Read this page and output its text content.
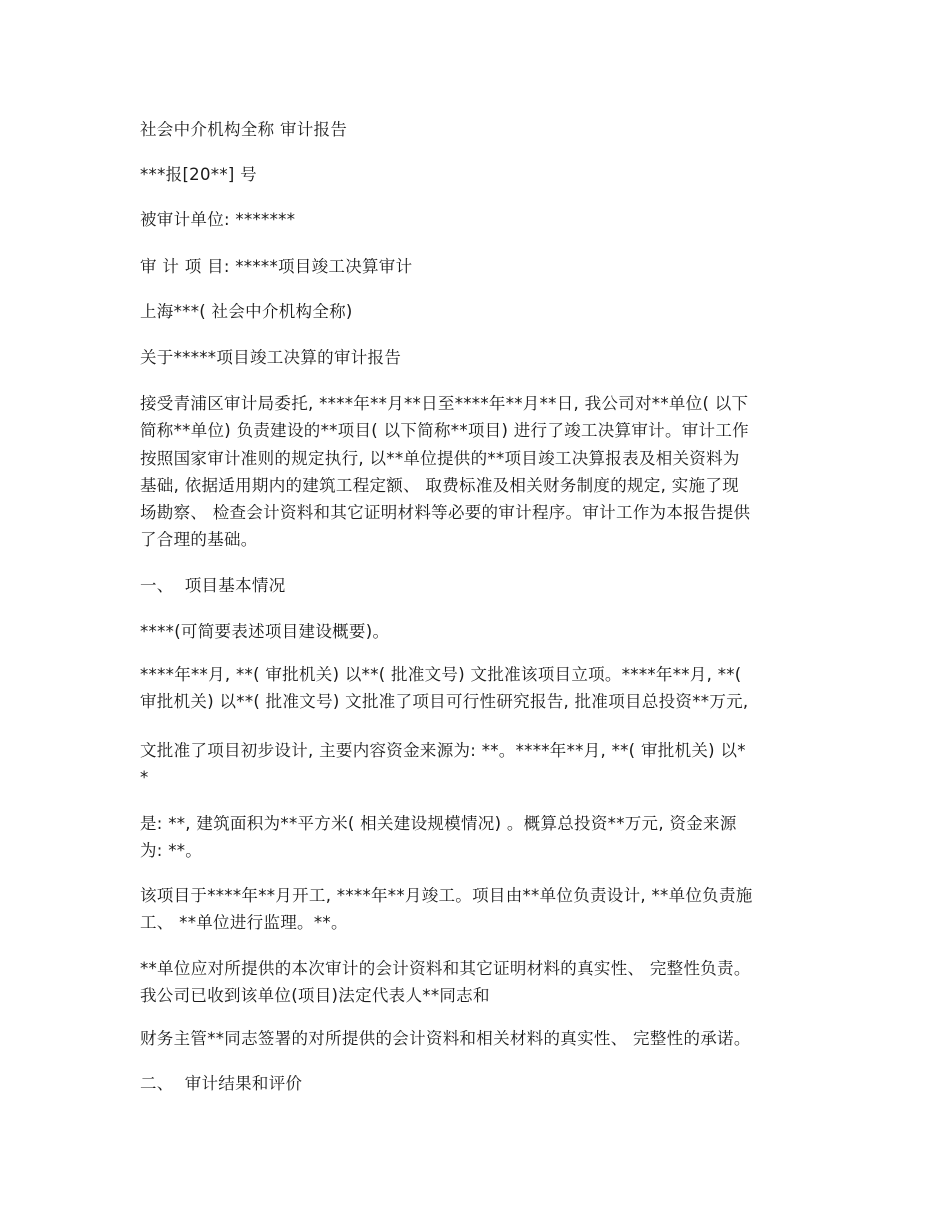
社会中介机构全称 审计报告
***报[20**] 号
被审计单位: *******
审 计 项 目: *****项目竣工决算审计
上海***( 社会中介机构全称)
关于*****项目竣工决算的审计报告
接受青浦区审计局委托, ****年**月**日至****年**月**日, 我公司对**单位( 以下
简称**单位) 负责建设的**项目( 以下简称**项目) 进行了竣工决算审计。审计工作
按照国家审计准则的规定执行, 以**单位提供的**项目竣工决算报表及相关资料为
基础, 依据适用期内的建筑工程定额、 取费标准及相关财务制度的规定, 实施了现
场勘察、 检查会计资料和其它证明材料等必要的审计程序。审计工作为本报告提供
了合理的基础。
一、  项目基本情况
****(可简要表述项目建设概要)。
****年**月, **( 审批机关) 以**( 批准文号) 文批准该项目立项。****年**月, **(
审批机关) 以**( 批准文号) 文批准了项目可行性研究报告, 批准项目总投资**万元,
文批准了项目初步设计, 主要内容资金来源为: **。****年**月, **( 审批机关) 以*
*
是: **, 建筑面积为**平方米( 相关建设规模情况) 。概算总投资**万元, 资金来源
为: **。
该项目于****年**月开工, ****年**月竣工。项目由**单位负责设计, **单位负责施
工、 **单位进行监理。**。
**单位应对所提供的本次审计的会计资料和其它证明材料的真实性、 完整性负责。
我公司已收到该单位(项目)法定代表人**同志和
财务主管**同志签署的对所提供的会计资料和相关材料的真实性、 完整性的承诺。
二、  审计结果和评价
